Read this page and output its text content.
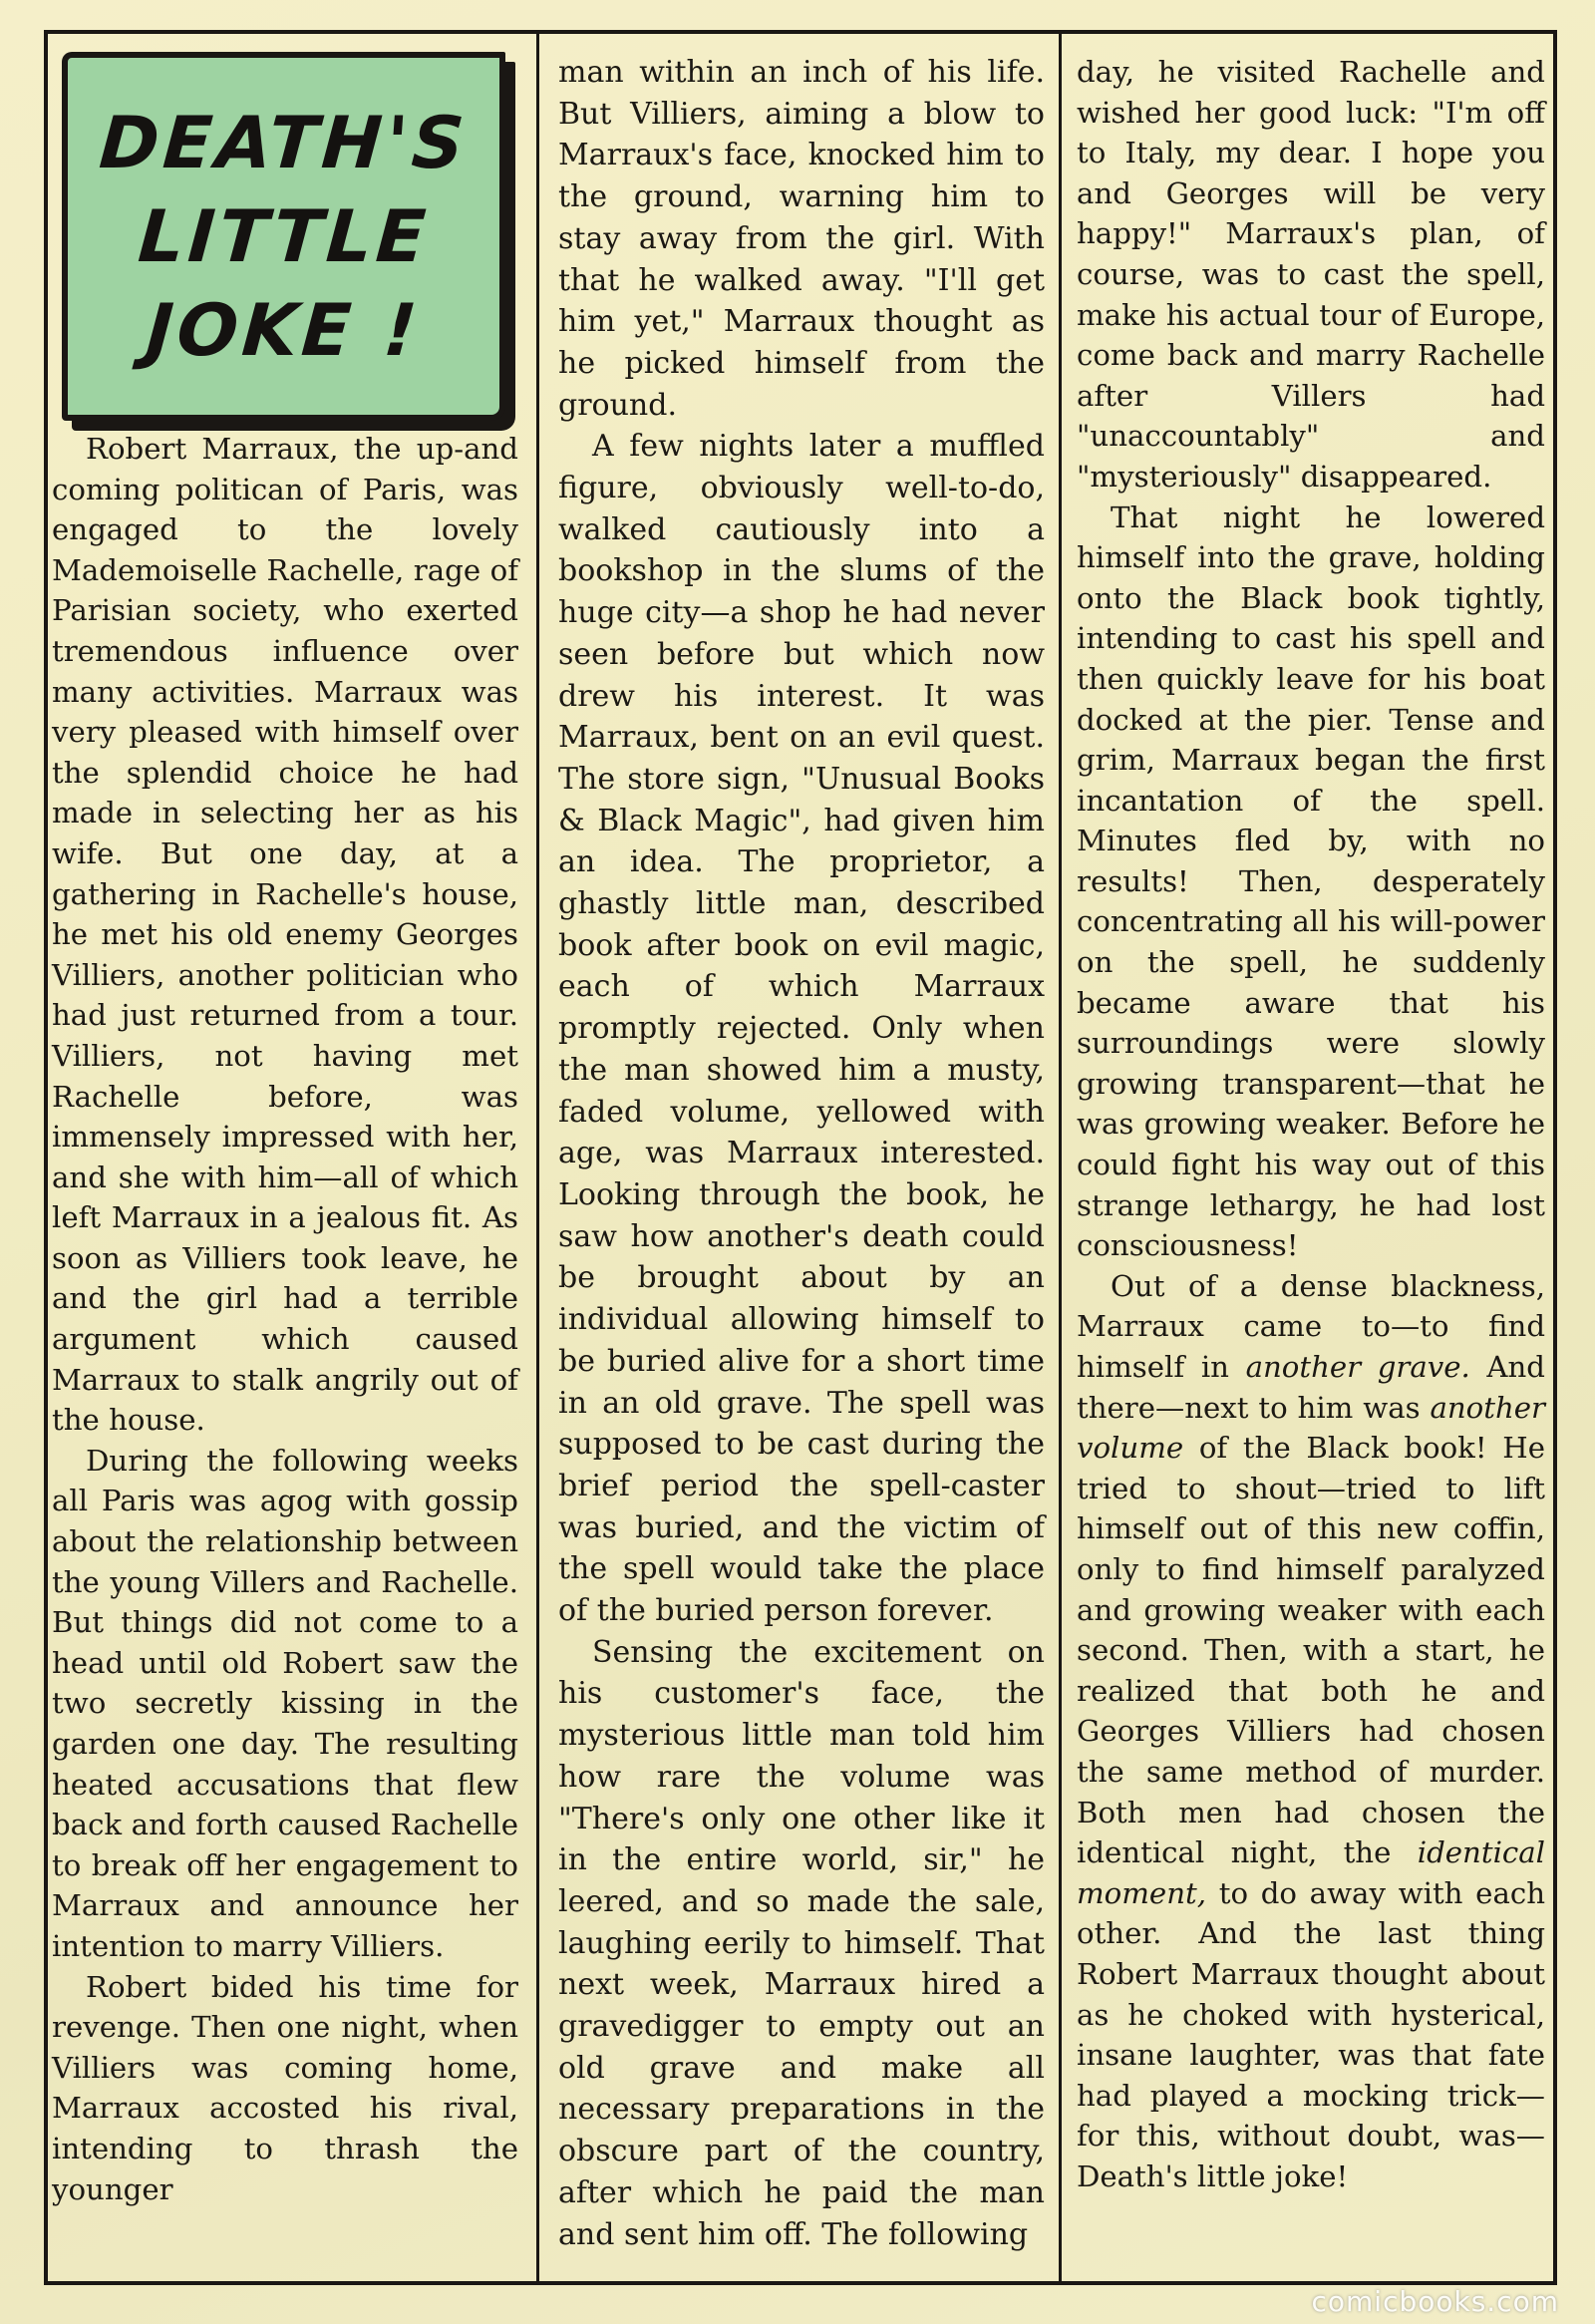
DEATH'S
LITTLE
JOKE !

Robert Marraux, the up-and coming politican of Paris, was engaged to the lovely Mademoiselle Rachelle, rage of Parisian society, who exerted tremendous influence over many activities. Marraux was very pleased with himself over the splendid choice he had made in selecting her as his wife. But one day, at a gathering in Rachelle's house, he met his old enemy Georges Villiers, another politician who had just returned from a tour. Villiers, not having met Rachelle before, was immensely impressed with her, and she with him—all of which left Marraux in a jealous fit. As soon as Villiers took leave, he and the girl had a terrible argument which caused Marraux to stalk angrily out of the house.

During the following weeks all Paris was agog with gossip about the relationship between the young Villers and Rachelle. But things did not come to a head until old Robert saw the two secretly kissing in the garden one day. The resulting heated accusations that flew back and forth caused Rachelle to break off her engagement to Marraux and announce her intention to marry Villiers.

Robert bided his time for revenge. Then one night, when Villiers was coming home, Marraux accosted his rival, intending to thrash the younger

man within an inch of his life. But Villiers, aiming a blow to Marraux's face, knocked him to the ground, warning him to stay away from the girl. With that he walked away. "I'll get him yet," Marraux thought as he picked himself from the ground.

A few nights later a muffled figure, obviously well-to-do, walked cautiously into a bookshop in the slums of the huge city—a shop he had never seen before but which now drew his interest. It was Marraux, bent on an evil quest. The store sign, "Unusual Books & Black Magic", had given him an idea. The proprietor, a ghastly little man, described book after book on evil magic, each of which Marraux promptly rejected. Only when the man showed him a musty, faded volume, yellowed with age, was Marraux interested. Looking through the book, he saw how another's death could be brought about by an individual allowing himself to be buried alive for a short time in an old grave. The spell was supposed to be cast during the brief period the spell-caster was buried, and the victim of the spell would take the place of the buried person forever.

Sensing the excitement on his customer's face, the mysterious little man told him how rare the volume was "There's only one other like it in the entire world, sir," he leered, and so made the sale, laughing eerily to himself. That next week, Marraux hired a gravedigger to empty out an old grave and make all necessary preparations in the obscure part of the country, after which he paid the man and sent him off. The following

day, he visited Rachelle and wished her good luck: "I'm off to Italy, my dear. I hope you and Georges will be very happy!" Marraux's plan, of course, was to cast the spell, make his actual tour of Europe, come back and marry Rachelle after Villers had "unaccountably" and "mysteriously" disappeared.

That night he lowered himself into the grave, holding onto the Black book tightly, intending to cast his spell and then quickly leave for his boat docked at the pier. Tense and grim, Marraux began the first incantation of the spell. Minutes fled by, with no results! Then, desperately concentrating all his will-power on the spell, he suddenly became aware that his surroundings were slowly growing transparent—that he was growing weaker. Before he could fight his way out of this strange lethargy, he had lost consciousness!

Out of a dense blackness, Marraux came to—to find himself in another grave. And there—next to him was another volume of the Black book! He tried to shout—tried to lift himself out of this new coffin, only to find himself paralyzed and growing weaker with each second. Then, with a start, he realized that both he and Georges Villiers had chosen the same method of murder. Both men had chosen the identical night, the identical moment, to do away with each other. And the last thing Robert Marraux thought about as he choked with hysterical, insane laughter, was that fate had played a mocking trick—for this, without doubt, was—Death's little joke!

comicbooks.com
